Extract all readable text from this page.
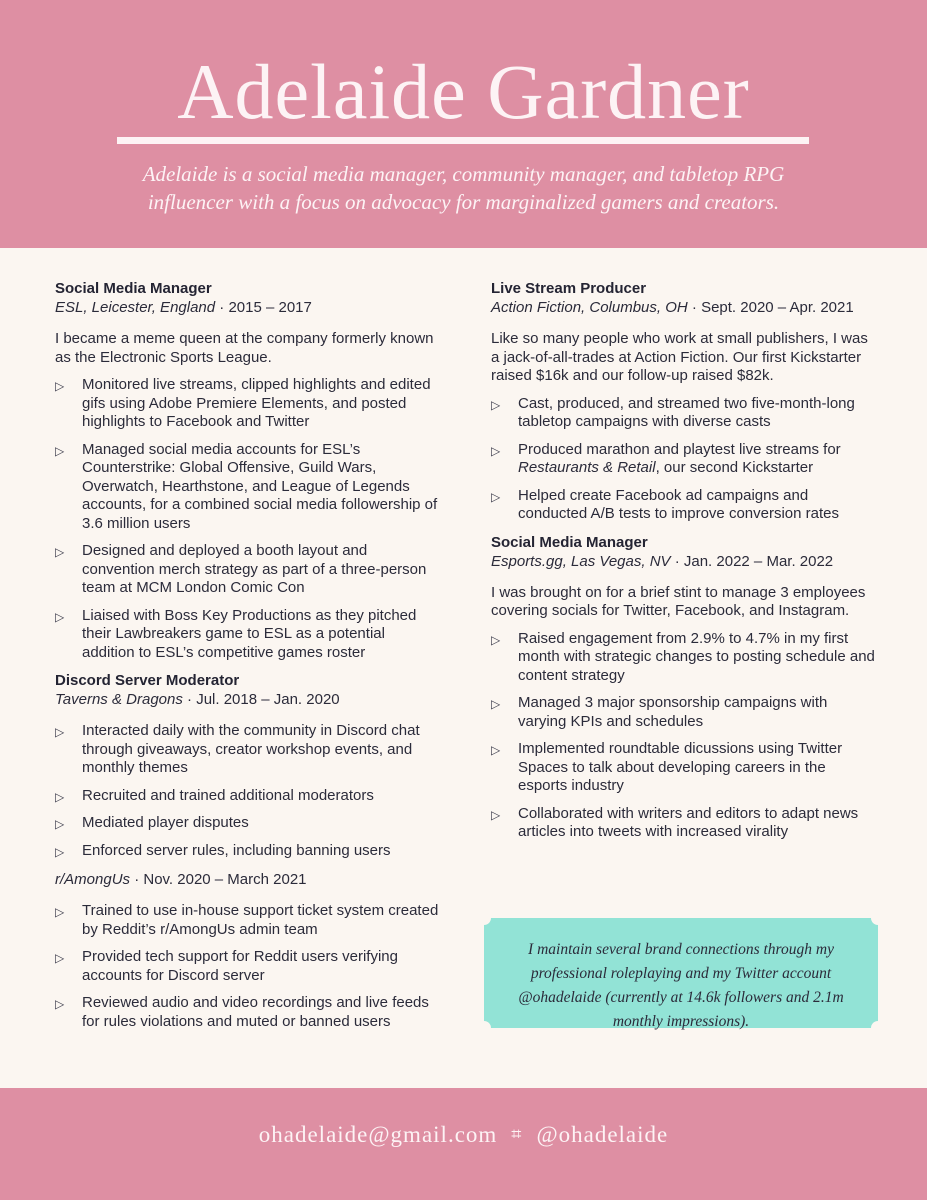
Adelaide Gardner

Adelaide is a social media manager, community manager, and tabletop RPG
influencer with a focus on advocacy for marginalized gamers and creators.

Social Media Manager

ESL, Leicester, England · 2015 – 2017

I became a meme queen at the company formerly known as the Electronic Sports League.

▷ Monitored live streams, clipped highlights and edited gifs using Adobe Premiere Elements, and posted highlights to Facebook and Twitter
▷ Managed social media accounts for ESL’s Counterstrike: Global Offensive, Guild Wars, Overwatch, Hearthstone, and League of Legends accounts, for a combined social media followership of 3.6 million users
▷ Designed and deployed a booth layout and convention merch strategy as part of a three-person team at MCM London Comic Con
▷ Liaised with Boss Key Productions as they pitched their Lawbreakers game to ESL as a potential addition to ESL’s competitive games roster

Discord Server Moderator

Taverns & Dragons · Jul. 2018 – Jan. 2020

▷ Interacted daily with the community in Discord chat through giveaways, creator workshop events, and monthly themes
▷ Recruited and trained additional moderators
▷ Mediated player disputes
▷ Enforced server rules, including banning users

r/AmongUs · Nov. 2020 – March 2021

▷ Trained to use in-house support ticket system created by Reddit’s r/AmongUs admin team
▷ Provided tech support for Reddit users verifying accounts for Discord server
▷ Reviewed audio and video recordings and live feeds for rules violations and muted or banned users

Live Stream Producer

Action Fiction, Columbus, OH · Sept. 2020 – Apr. 2021

Like so many people who work at small publishers, I was a jack-of-all-trades at Action Fiction. Our first Kickstarter raised $16k and our follow-up raised $82k.

▷ Cast, produced, and streamed two five-month-long tabletop campaigns with diverse casts
▷ Produced marathon and playtest live streams for Restaurants & Retail, our second Kickstarter
▷ Helped create Facebook ad campaigns and conducted A/B tests to improve conversion rates

Social Media Manager

Esports.gg, Las Vegas, NV · Jan. 2022 – Mar. 2022

I was brought on for a brief stint to manage 3 employees covering socials for Twitter, Facebook, and Instagram.

▷ Raised engagement from 2.9% to 4.7% in my first month with strategic changes to posting schedule and content strategy
▷ Managed 3 major sponsorship campaigns with varying KPIs and schedules
▷ Implemented roundtable dicussions using Twitter Spaces to talk about developing careers in the esports industry
▷ Collaborated with writers and editors to adapt news articles into tweets with increased virality

I maintain several brand connections through my professional roleplaying and my Twitter account @ohadelaide (currently at 14.6k followers and 2.1m monthly impressions).

ohadelaide@gmail.com ⌗ @ohadelaide
